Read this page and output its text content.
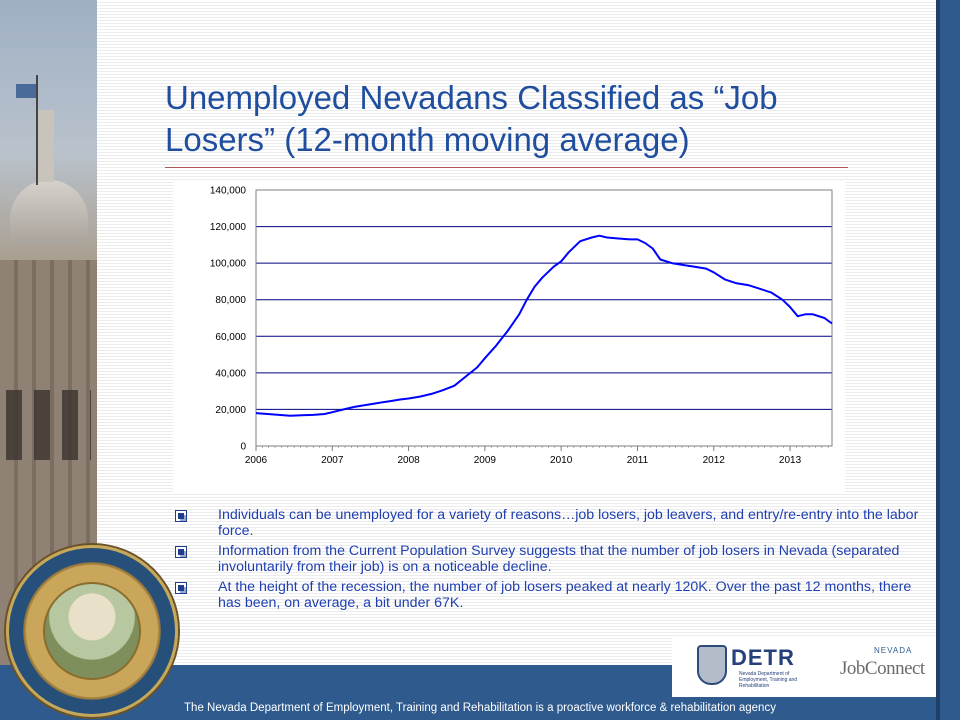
Unemployed Nevadans Classified as “Job Losers” (12-month moving average)
0
20,000
40,000
60,000
80,000
100,000
120,000
140,000
2006	2007	2008	2009	2010	2011	2012	2013
Individuals can be unemployed for a variety of reasons…job losers, job leavers, and entry/re-entry into the labor force.
Information from the Current Population Survey suggests that the number of job losers in Nevada (separated involuntarily from their job) is on a noticeable decline.
At the height of the recession, the number of job losers peaked at nearly 120K. Over the past 12 months, there has been, on average, a bit under 67K.
DETR
Nevada Department of Employment, Training and Rehabilitation
NEVADA
JobConnect
The Nevada Department of Employment, Training and Rehabilitation is a proactive workforce & rehabilitation agency
